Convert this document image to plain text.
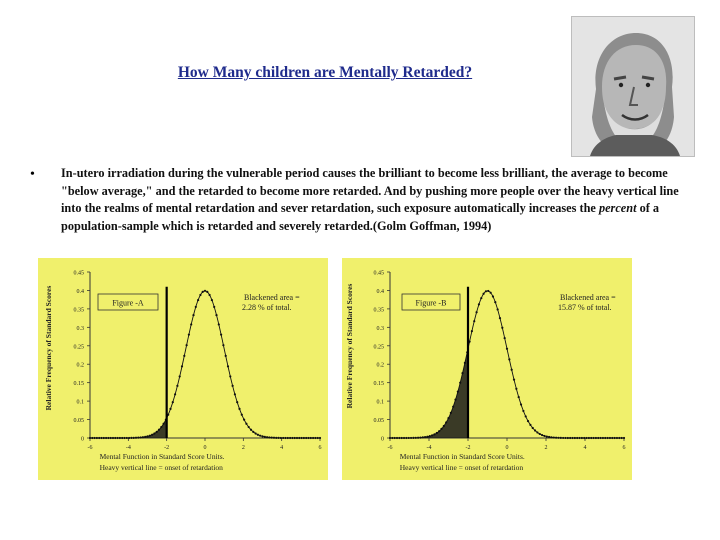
How Many children are Mentally Retarded?
• In-utero irradiation during the vulnerable period causes the brilliant to become less brilliant, the average to become "below average," and the retarded to become more retarded. And by pushing more people over the heavy vertical line into the realms of mental retardation and sever retardation, such exposure automatically increases the percent of a population-sample which is retarded and severely retarded.(Golm Goffman, 1994)
0.45
0.4
0.35
0.3
0.25
0.2
0.15
0.1
0.05
0
-6	-4	-2	0	2	4	6
Figure -A
Blackened area =
2.28 % of total.
Relative Frequency of Standard Scores
Mental Function in Standard Score Units.
Heavy vertical line = onset of retardation
0.45
0.4
0.35
0.3
0.25
0.2
0.15
0.1
0.05
0
-6	-4	-2	0	2	4	6
Figure -B
Blackened area =
15.87 % of total.
Relative Frequency of Standard Scores
Mental Function in Standard Score Units.
Heavy vertical line = onset of retardation
